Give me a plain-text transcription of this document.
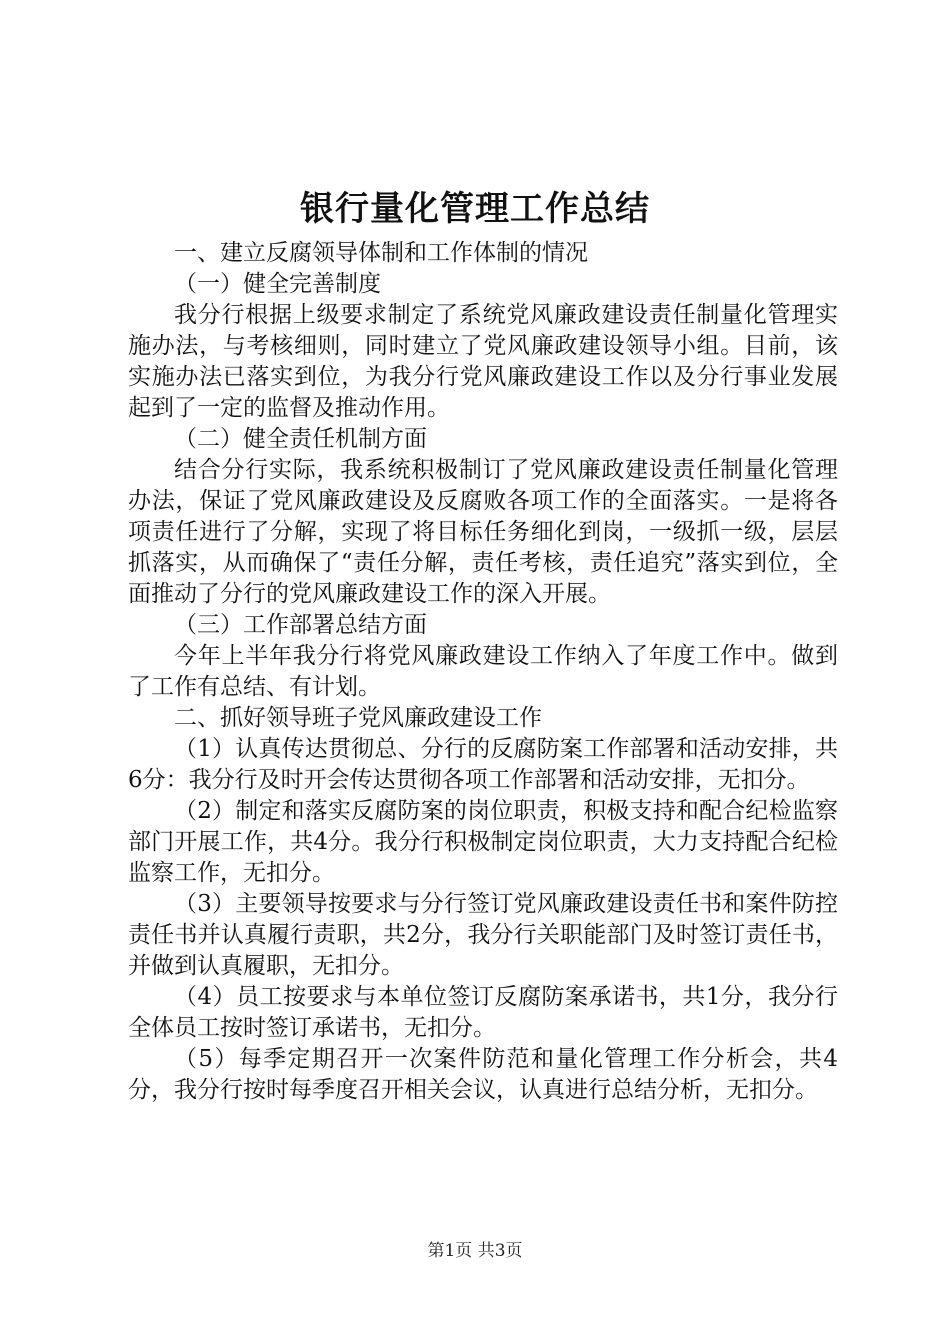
银行量化管理工作总结

一、建立反腐领导体制和工作体制的情况

（一）健全完善制度

我分行根据上级要求制定了系统党风廉政建设责任制量化管理实施办法，与考核细则，同时建立了党风廉政建设领导小组。目前，该实施办法已落实到位，为我分行党风廉政建设工作以及分行事业发展起到了一定的监督及推动作用。

（二）健全责任机制方面

结合分行实际，我系统积极制订了党风廉政建设责任制量化管理办法，保证了党风廉政建设及反腐败各项工作的全面落实。一是将各项责任进行了分解，实现了将目标任务细化到岗，一级抓一级，层层抓落实，从而确保了“责任分解，责任考核，责任追究”落实到位，全面推动了分行的党风廉政建设工作的深入开展。

（三）工作部署总结方面

今年上半年我分行将党风廉政建设工作纳入了年度工作中。做到了工作有总结、有计划。

二、抓好领导班子党风廉政建设工作

（1）认真传达贯彻总、分行的反腐防案工作部署和活动安排，共6分：我分行及时开会传达贯彻各项工作部署和活动安排，无扣分。

（2）制定和落实反腐防案的岗位职责，积极支持和配合纪检监察部门开展工作，共4分。我分行积极制定岗位职责，大力支持配合纪检监察工作，无扣分。

（3）主要领导按要求与分行签订党风廉政建设责任书和案件防控责任书并认真履行责职，共2分，我分行关职能部门及时签订责任书，并做到认真履职，无扣分。

（4）员工按要求与本单位签订反腐防案承诺书，共1分，我分行全体员工按时签订承诺书，无扣分。

（5）每季定期召开一次案件防范和量化管理工作分析会，共4分，我分行按时每季度召开相关会议，认真进行总结分析，无扣分。

第1页 共3页
